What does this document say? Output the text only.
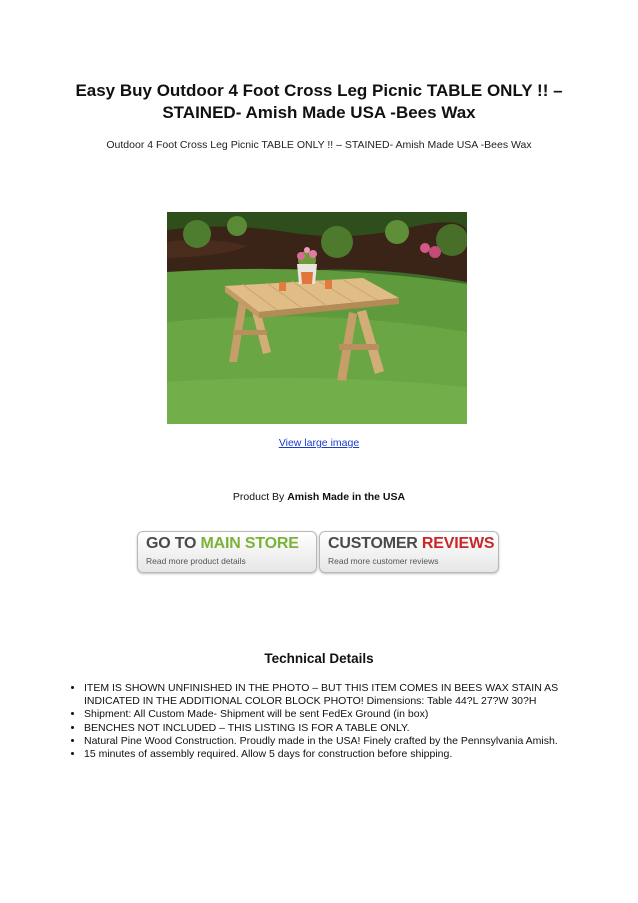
Easy Buy Outdoor 4 Foot Cross Leg Picnic TABLE ONLY !! – STAINED- Amish Made USA -Bees Wax
Outdoor 4 Foot Cross Leg Picnic TABLE ONLY !! – STAINED- Amish Made USA -Bees Wax
View large image
Product By Amish Made in the USA
GO TO MAIN STORE
Read more product details
CUSTOMER REVIEWS
Read more customer reviews
Technical Details
• ITEM IS SHOWN UNFINISHED IN THE PHOTO – BUT THIS ITEM COMES IN BEES WAX STAIN AS INDICATED IN THE ADDITIONAL COLOR BLOCK PHOTO! Dimensions: Table 44?L 27?W 30?H
• Shipment: All Custom Made- Shipment will be sent FedEx Ground (in box)
• BENCHES NOT INCLUDED – THIS LISTING IS FOR A TABLE ONLY.
• Natural Pine Wood Construction. Proudly made in the USA! Finely crafted by the Pennsylvania Amish.
• 15 minutes of assembly required. Allow 5 days for construction before shipping.
